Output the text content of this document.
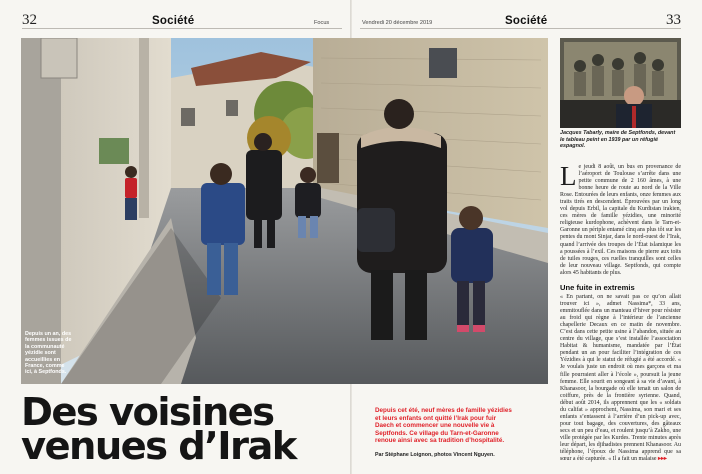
32	Société	Focus	Vendredi 20 décembre 2019	Société	33
Depuis un an, des femmes issues de la communauté yézidie sont accueillies en France, comme ici, à Septfonds.
Jacques Tabarly, maire de Septfonds, devant le tableau peint en 1939 par un réfugié espagnol.
Des voisines
venues d’Irak
Depuis cet été, neuf mères de famille yézidies et leurs enfants ont quitté l’Irak pour fuir Daech et commencer une nouvelle vie à Septfonds. Ce village du Tarn-et-Garonne renoue ainsi avec sa tradition d’hospitalité.
Par Stéphane Loignon, photos Vincent Nguyen.
Le jeudi 8 août, un bus en provenance de l’aéroport de Toulouse s’arrête dans une petite commune de 2 160 âmes, à une bonne heure de route au nord de la Ville Rose. Entourées de leurs enfants, onze femmes aux traits tirés en descendent. Éprouvées par un long vol depuis Erbil, la capitale du Kurdistan irakien, ces mères de famille yézidies, une minorité religieuse kurdophone, achèvent dans le Tarn-et-Garonne un périple entamé cinq ans plus tôt sur les pentes du mont Sinjar, dans le nord-ouest de l’Irak, quand l’arrivée des troupes de l’État islamique les a poussées à l’exil. Ces maisons de pierre aux toits de tuiles rouges, ces ruelles tranquilles sont celles de leur nouveau village. Septfonds, qui compte alors 45 habitants de plus.
Une fuite in extremis
« En partant, on ne savait pas ce qu’on allait trouver ici », admet Nassima*, 33 ans, emmitouflée dans un manteau d’hiver pour résister au froid qui règne à l’intérieur de l’ancienne chapellerie Decaux en ce matin de novembre. C’est dans cette petite usine à l’abandon, située au centre du village, que s’est installée l’association Habitat & humanisme, mandatée par l’État pendant un an pour faciliter l’intégration de ces Yézidies à qui le statut de réfugié a été accordé. « Je voulais juste un endroit où mes garçons et ma fille pourraient aller à l’école », poursuit la jeune femme. Elle sourit en songeant à sa vie d’avant, à Khanasoor, la bourgade où elle tenait un salon de coiffure, près de la frontière syrienne. Quand, début août 2014, ils apprennent que les « soldats du califat » approchent, Nassima, son mari et ses enfants s’entassent à l’arrière d’un pick-up avec, pour tout bagage, des couvertures, des gâteaux secs et un peu d’eau, et roulent jusqu’à Zakho, une ville protégée par les Kurdes. Trente minutes après leur départ, les djihadistes prennent Khanasoor. Au téléphone, l’époux de Nassima apprend que sa sœur a été capturée. « Il a fait un malaise ▸▸▸
